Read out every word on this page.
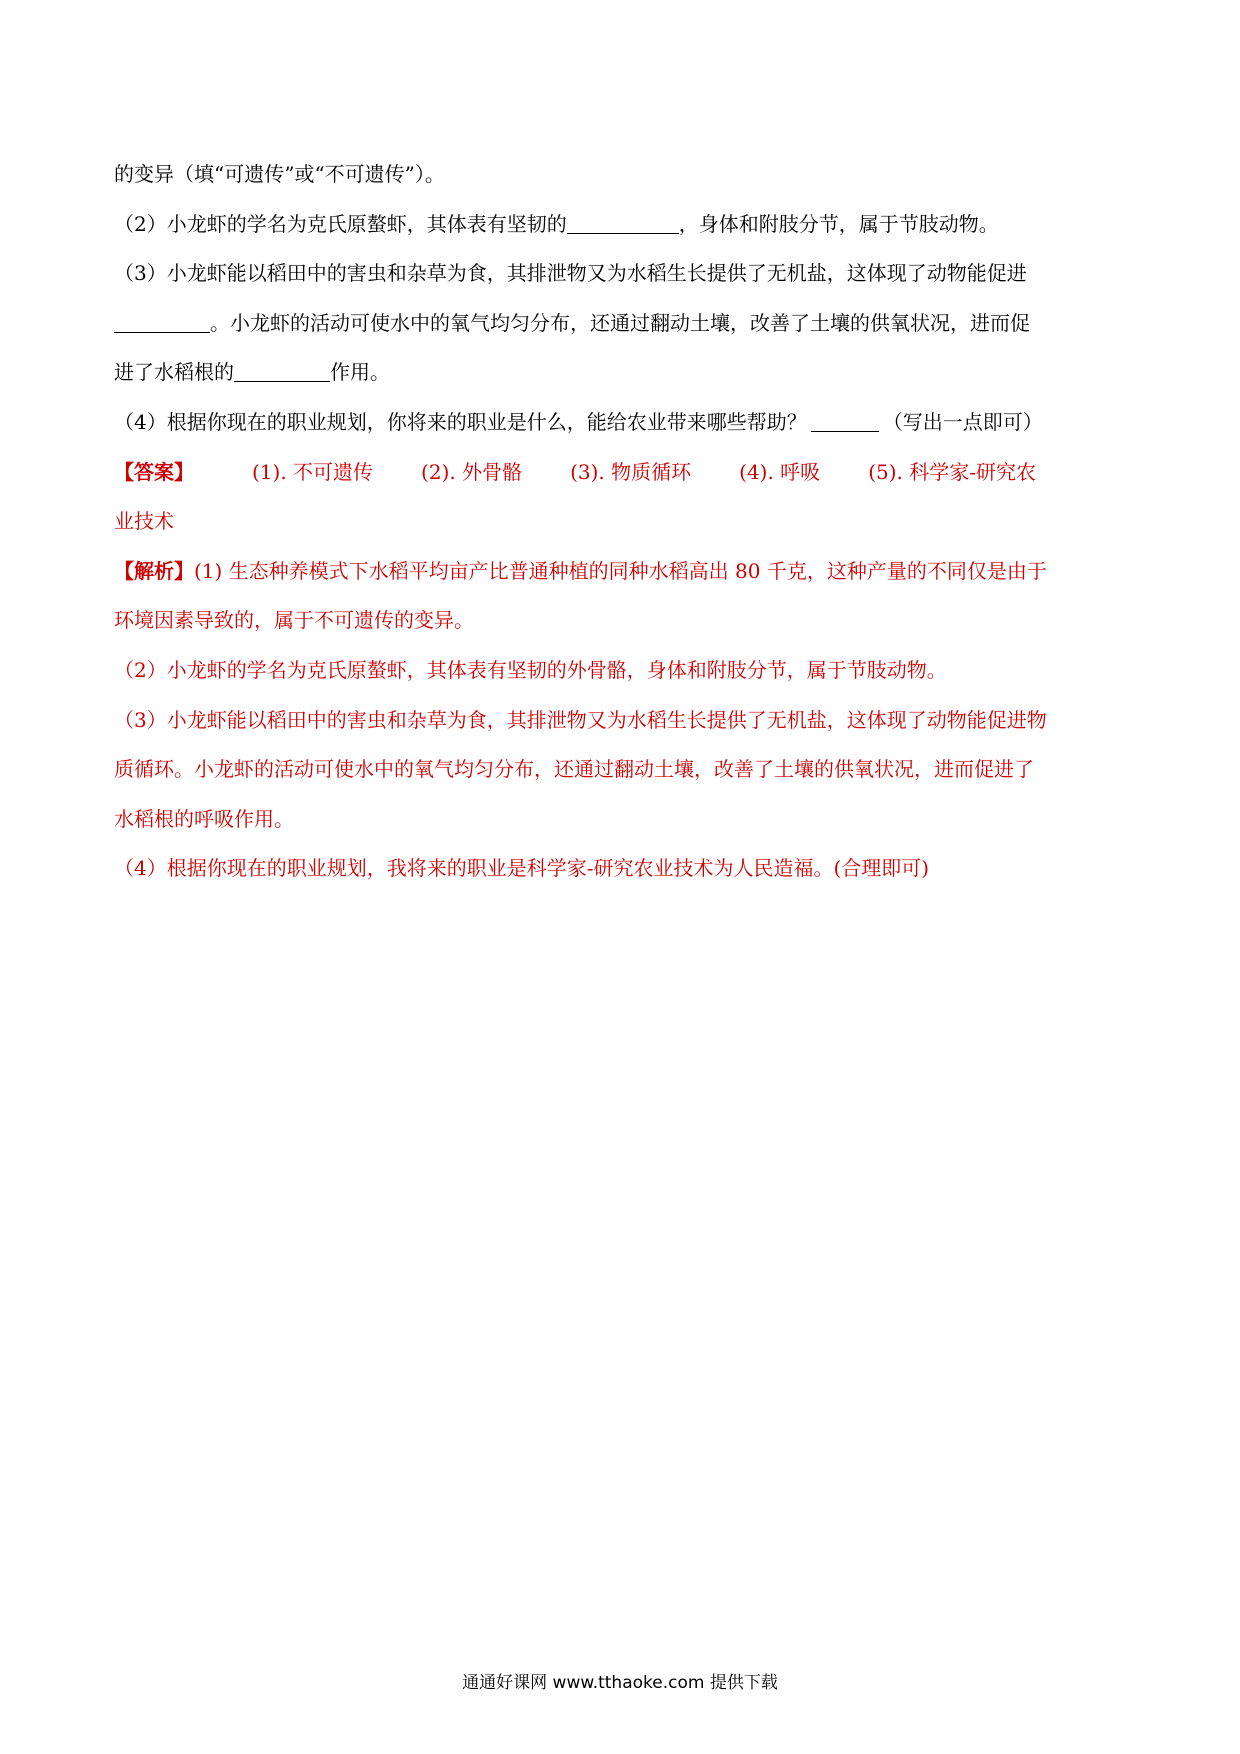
的变异（填“可遗传”或“不可遗传”）。
（2）小龙虾的学名为克氏原螯虾，其体表有坚韧的	，身体和附肢分节，属于节肢动物。
（3）小龙虾能以稻田中的害虫和杂草为食，其排泄物又为水稻生长提供了无机盐，这体现了动物能促进
。小龙虾的活动可使水中的氧气均匀分布，还通过翻动土壤，改善了土壤的供氧状况，进而促
进了水稻根的	作用。
（4）根据你现在的职业规划，你将来的职业是什么，能给农业带来哪些帮助？	（写出一点即可）
【答案】	(1). 不可遗传 (2). 外骨骼 (3). 物质循环 (4). 呼吸 (5). 科学家-研究农
业技术
【解析】(1) 生态种养模式下水稻平均亩产比普通种植的同种水稻高出 80 千克，这种产量的不同仅是由于
环境因素导致的，属于不可遗传的变异。
（2）小龙虾的学名为克氏原螯虾，其体表有坚韧的外骨骼，身体和附肢分节，属于节肢动物。
（3）小龙虾能以稻田中的害虫和杂草为食，其排泄物又为水稻生长提供了无机盐，这体现了动物能促进物
质循环。小龙虾的活动可使水中的氧气均匀分布，还通过翻动土壤，改善了土壤的供氧状况，进而促进了
水稻根的呼吸作用。
（4）根据你现在的职业规划，我将来的职业是科学家-研究农业技术为人民造福。(合理即可)
通通好课网 www.tthaoke.com 提供下载
